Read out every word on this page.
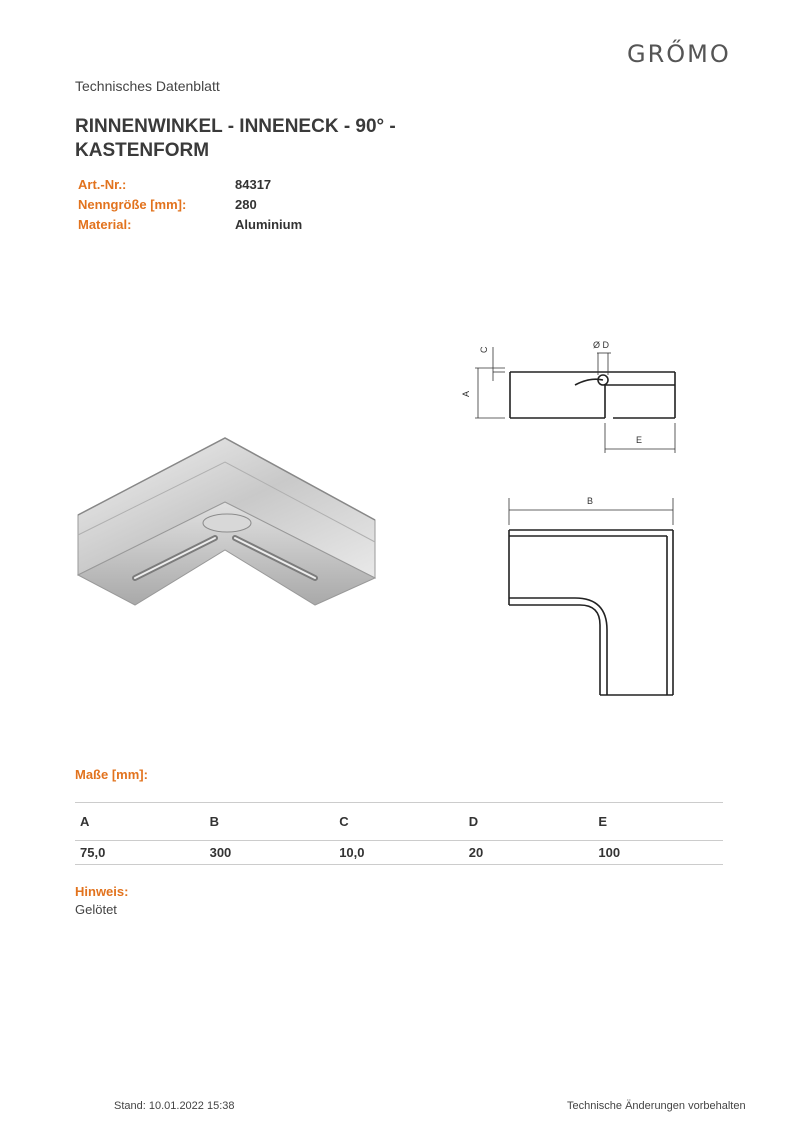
GRŐMO
Technisches Datenblatt
RINNENWINKEL - INNENECK - 90° - KASTENFORM
Art.-Nr.:	84317
Nenngröße [mm]:	280
Material:	Aluminium
A
C	Ø D
E
B
Maße [mm]:
A	B	C	D	E
75,0	300	10,0	20	100
Hinweis:
Gelötet
Stand: 10.01.2022 15:38	Technische Änderungen vorbehalten
